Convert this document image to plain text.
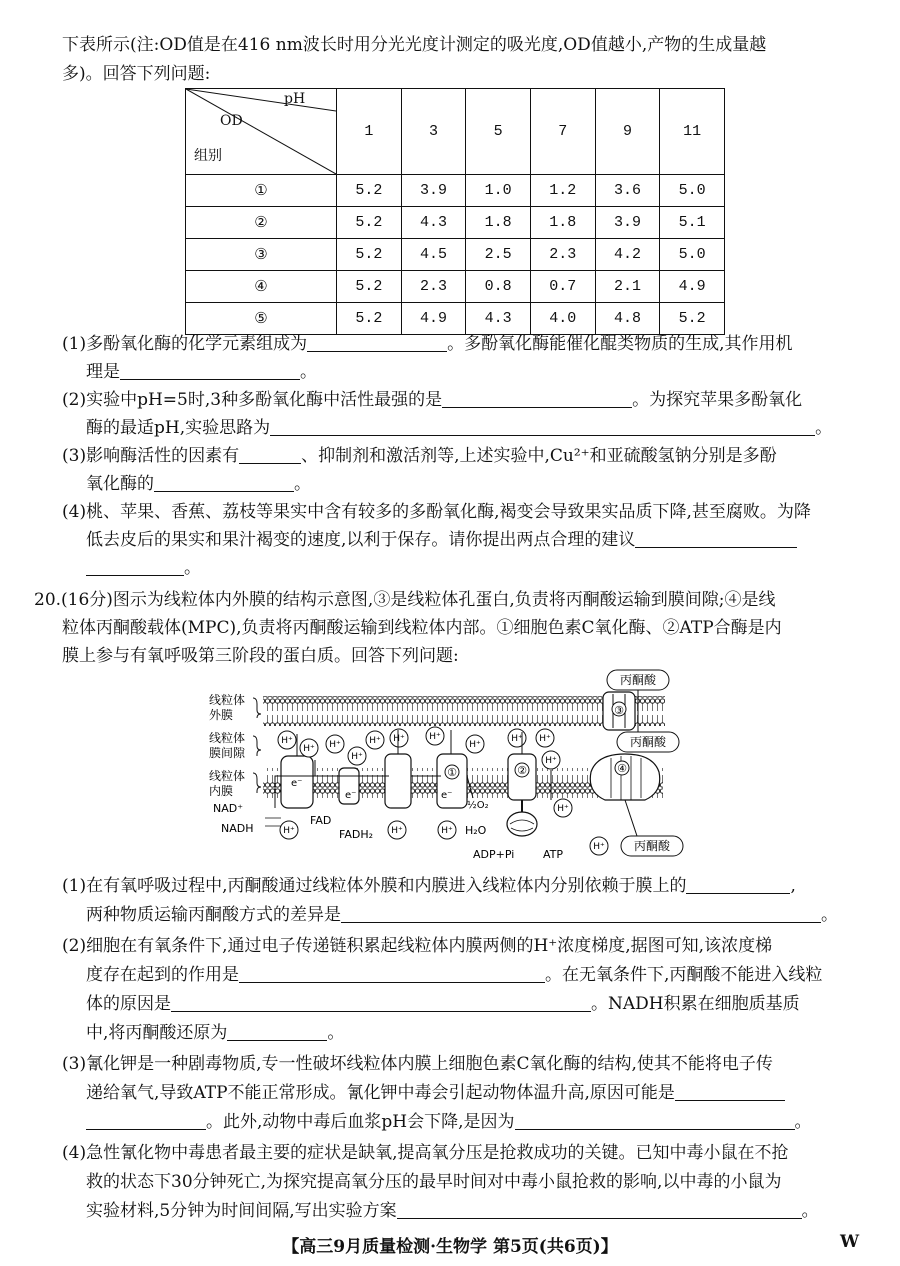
下表所示(注:OD值是在416 nm波长时用分光光度计测定的吸光度,OD值越小,产物的生成量越
多)。回答下列问题:
pH
OD
组别	1	3	5	7	9	11
①	5.2	3.9	1.0	1.2	3.6	5.0
②	5.2	4.3	1.8	1.8	3.9	5.1
③	5.2	4.5	2.5	2.3	4.2	5.0
④	5.2	2.3	0.8	0.7	2.1	4.9
⑤	5.2	4.9	4.3	4.0	4.8	5.2
(1)多酚氧化酶的化学元素组成为	。多酚氧化酶能催化醌类物质的生成,其作用机
理是	。
(2)实验中pH=5时,3种多酚氧化酶中活性最强的是	。为探究苹果多酚氧化
酶的最适pH,实验思路为	。
(3)影响酶活性的因素有	、抑制剂和激活剂等,上述实验中,Cu²⁺和亚硫酸氢钠分别是多酚
氧化酶的	。
(4)桃、苹果、香蕉、荔枝等果实中含有较多的多酚氧化酶,褐变会导致果实品质下降,甚至腐败。为降
低去皮后的果实和果汁褐变的速度,以利于保存。请你提出两点合理的建议
。
20.(16分)图示为线粒体内外膜的结构示意图,③是线粒体孔蛋白,负责将丙酮酸运输到膜间隙;④是线
粒体丙酮酸载体(MPC),负责将丙酮酸运输到线粒体内部。①细胞色素C氧化酶、②ATP合酶是内
膜上参与有氧呼吸第三阶段的蛋白质。回答下列问题:
线粒体
外膜
线粒体
膜间隙
线粒体
内膜
③
①	②	④
丙酮酸
丙酮酸
丙酮酸
H⁺
H⁺ H⁺
H⁺
H⁺ H⁺	H⁺
H⁺
H⁺ H⁺
H⁺
H⁺	H⁺	H⁺
H⁺
H⁺
e⁻
e⁻	e⁻
NAD⁺
NADH
FAD
FADH₂
½O₂
H₂O
ADP+Pi	ATP
(1)在有氧呼吸过程中,丙酮酸通过线粒体外膜和内膜进入线粒体内分别依赖于膜上的	,
两种物质运输丙酮酸方式的差异是	。
(2)细胞在有氧条件下,通过电子传递链积累起线粒体内膜两侧的H⁺浓度梯度,据图可知,该浓度梯
度存在起到的作用是	。在无氧条件下,丙酮酸不能进入线粒
体的原因是	。NADH积累在细胞质基质
中,将丙酮酸还原为	。
(3)氰化钾是一种剧毒物质,专一性破坏线粒体内膜上细胞色素C氧化酶的结构,使其不能将电子传
递给氧气,导致ATP不能正常形成。氰化钾中毒会引起动物体温升高,原因可能是
。此外,动物中毒后血浆pH会下降,是因为	。
(4)急性氰化物中毒患者最主要的症状是缺氧,提高氧分压是抢救成功的关键。已知中毒小鼠在不抢
救的状态下30分钟死亡,为探究提高氧分压的最早时间对中毒小鼠抢救的影响,以中毒的小鼠为
实验材料,5分钟为时间间隔,写出实验方案	。
【高三9月质量检测·生物学 第5页(共6页)】	W
